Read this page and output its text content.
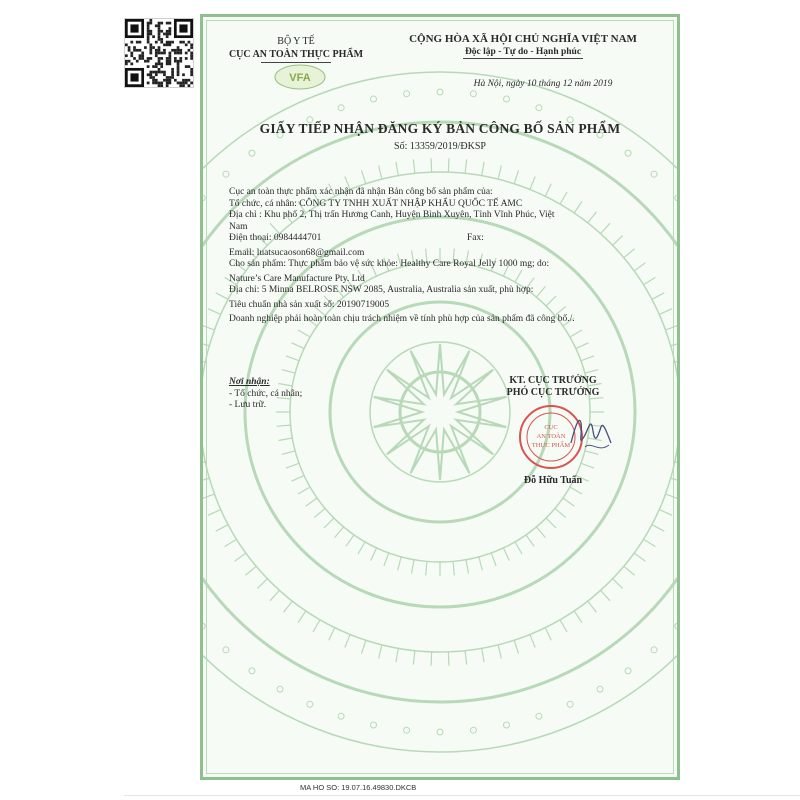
BỘ Y TẾ
CỤC AN TOÀN THỰC PHẨM
VFA
CỘNG HÒA XÃ HỘI CHỦ NGHĨA VIỆT NAM
Độc lập - Tự do - Hạnh phúc
Hà Nội, ngày 10 tháng 12 năm 2019
GIẤY TIẾP NHẬN ĐĂNG KÝ BẢN CÔNG BỐ SẢN PHẨM
Số: 13359/2019/ĐKSP

Cục an toàn thực phẩm xác nhận đã nhận Bản công bố sản phẩm của:

Tổ chức, cá nhân: CÔNG TY TNHH XUẤT NHẬP KHẨU QUỐC TẾ AMC

Địa chỉ : Khu phố 2, Thị trấn Hương Canh, Huyện Bình Xuyên, Tỉnh Vĩnh Phúc, Việt

Nam

Điện thoại: 0984444701	Fax:

Email: luatsucaoson68@gmail.com

Cho sản phẩm: Thực phẩm bảo vệ sức khỏe: Healthy Care Royal Jelly 1000 mg; do:

Nature’s Care Manufacture Pty. Ltd

Địa chỉ: 5 Minna BELROSE NSW 2085, Australia, Australia sản xuất, phù hợp:

Tiêu chuẩn nhà sản xuất số: 20190719005

Doanh nghiệp phải hoàn toàn chịu trách nhiệm về tính phù hợp của sản phẩm đã công bố./.

Nơi nhận:
- Tổ chức, cá nhân;
- Lưu trữ.
KT. CỤC TRƯỞNG
PHÓ CỤC TRƯỞNG
CỤC
AN TOÀN
THỰC PHẨM
Đỗ Hữu Tuấn
MA HO SO: 19.07.16.49830.DKCB
